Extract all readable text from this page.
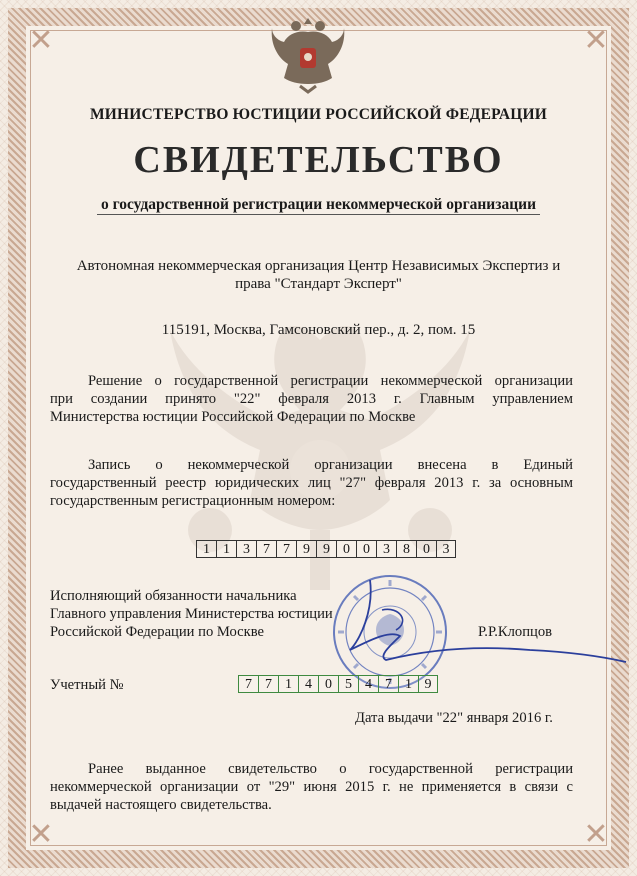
✕	✕
✕	✕
МИНИСТЕРСТВО ЮСТИЦИИ РОССИЙСКОЙ ФЕДЕРАЦИИ
СВИДЕТЕЛЬСТВО
о государственной регистрации некоммерческой организации
Автономная некоммерческая организация Центр Независимых Экспертиз и
права "Стандарт Эксперт"
115191, Москва, Гамсоновский пер., д. 2, пом. 15
Решение о государственной регистрации некоммерческой организации
при создании принято "22" февраля 2013 г. Главным управлением
Министерства юстиции Российской Федерации по Москве
Запись о некоммерческой организации внесена в Единый
государственный реестр юридических лиц "27" февраля 2013 г. за основным
государственным регистрационным номером:
1 1 3 7 7 9 9 0 0 3 8 0 3
Исполняющий обязанности начальника
Главного управления Министерства юстиции
Российской Федерации по Москве	Р.Р.Клопцов
Учетный №	7 7 1 4 0 5 4 7 1 9
Дата выдачи "22" января 2016 г.
Ранее выданное свидетельство о государственной регистрации
некоммерческой организации от "29" июня 2015 г. не применяется в связи с
выдачей настоящего свидетельства.
